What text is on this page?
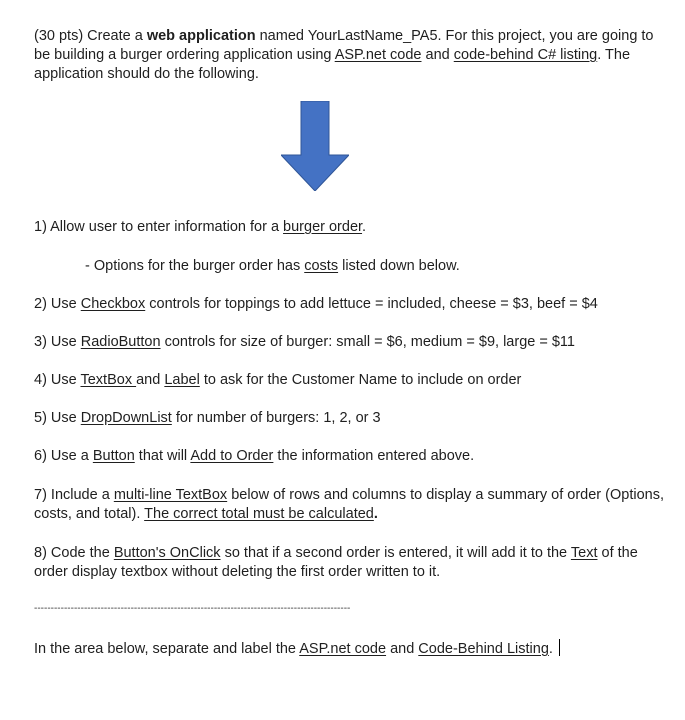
(30 pts) Create a web application named YourLastName_PA5. For this project, you are going to be building a burger ordering application using ASP.net code and code-behind C# listing. The application should do the following.

1) Allow user to enter information for a burger order.

- Options for the burger order has costs listed down below.

2) Use Checkbox controls for toppings to add lettuce = included, cheese = $3, beef = $4

3) Use RadioButton controls for size of burger: small = $6, medium = $9, large = $11

4) Use TextBox and Label to ask for the Customer Name to include on order

5) Use DropDownList for number of burgers: 1, 2, or 3

6) Use a Button that will Add to Order the information entered above.

7) Include a multi-line TextBox below of rows and columns to display a summary of order (Options, costs, and total). The correct total must be calculated.

8) Code the Button's OnClick so that if a second order is entered, it will add it to the Text of the order display textbox without deleting the first order written to it.

-----------------------------------------------------------------------------------------------

In the area below, separate and label the ASP.net code and Code-Behind Listing.
